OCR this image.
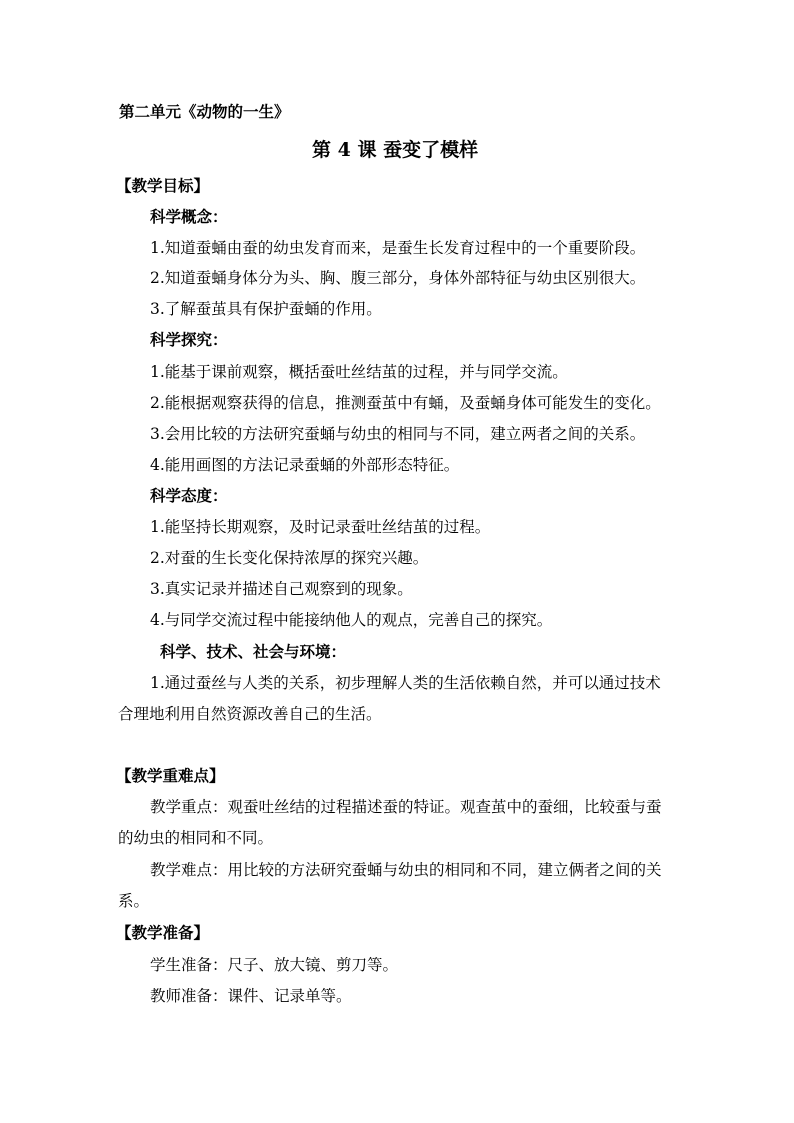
第二单元《动物的一生》
第 4 课 蚕变了模样
【教学目标】
科学概念：
1.知道蚕蛹由蚕的幼虫发育而来，是蚕生长发育过程中的一个重要阶段。
2.知道蚕蛹身体分为头、胸、腹三部分，身体外部特征与幼虫区别很大。
3.了解蚕茧具有保护蚕蛹的作用。
科学探究：
1.能基于课前观察，概括蚕吐丝结茧的过程，并与同学交流。
2.能根据观察获得的信息，推测蚕茧中有蛹，及蚕蛹身体可能发生的变化。
3.会用比较的方法研究蚕蛹与幼虫的相同与不同，建立两者之间的关系。
4.能用画图的方法记录蚕蛹的外部形态特征。
科学态度：
1.能坚持长期观察，及时记录蚕吐丝结茧的过程。
2.对蚕的生长变化保持浓厚的探究兴趣。
3.真实记录并描述自己观察到的现象。
4.与同学交流过程中能接纳他人的观点，完善自己的探究。
科学、技术、社会与环境：
1.通过蚕丝与人类的关系，初步理解人类的生活依赖自然，并可以通过技术
合理地利用自然资源改善自己的生活。
【教学重难点】
教学重点：观蚕吐丝结的过程描述蚕的特证。观查茧中的蚕细，比较蚕与蚕
的幼虫的相同和不同。
教学难点：用比较的方法研究蚕蛹与幼虫的相同和不同，建立俩者之间的关
系。
【教学准备】
学生准备：尺子、放大镜、剪刀等。
教师准备：课件、记录单等。
